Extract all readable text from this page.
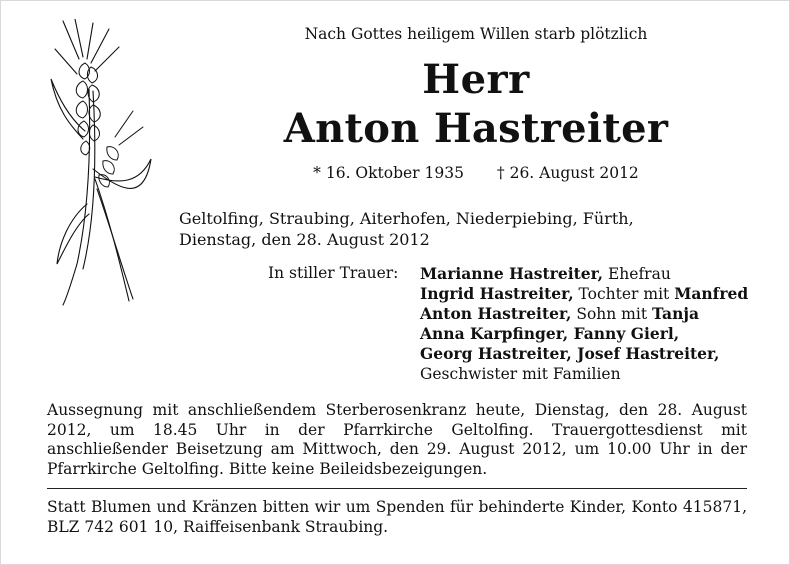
Nach Gottes heiligem Willen starb plötzlich
Herr
Anton Hastreiter
* 16. Oktober 1935 † 26. August 2012
Geltolfing, Straubing, Aiterhofen, Niederpiebing, Fürth,
Dienstag, den 28. August 2012
In stiller Trauer: Marianne Hastreiter, Ehefrau
Ingrid Hastreiter, Tochter mit Manfred
Anton Hastreiter, Sohn mit Tanja
Anna Karpfinger, Fanny Gierl,
Georg Hastreiter, Josef Hastreiter,
Geschwister mit Familien
Aussegnung mit anschließendem Sterberosenkranz heute, Dienstag, den 28. August 2012, um 18.45 Uhr in der Pfarrkirche Geltolfing. Trauergottesdienst mit anschließender Beisetzung am Mittwoch, den 29. August 2012, um 10.00 Uhr in der Pfarrkirche Geltolfing. Bitte keine Beileidsbezeigungen.
Statt Blumen und Kränzen bitten wir um Spenden für behinderte Kinder, Konto 415871, BLZ 742 601 10, Raiffeisenbank Straubing.
